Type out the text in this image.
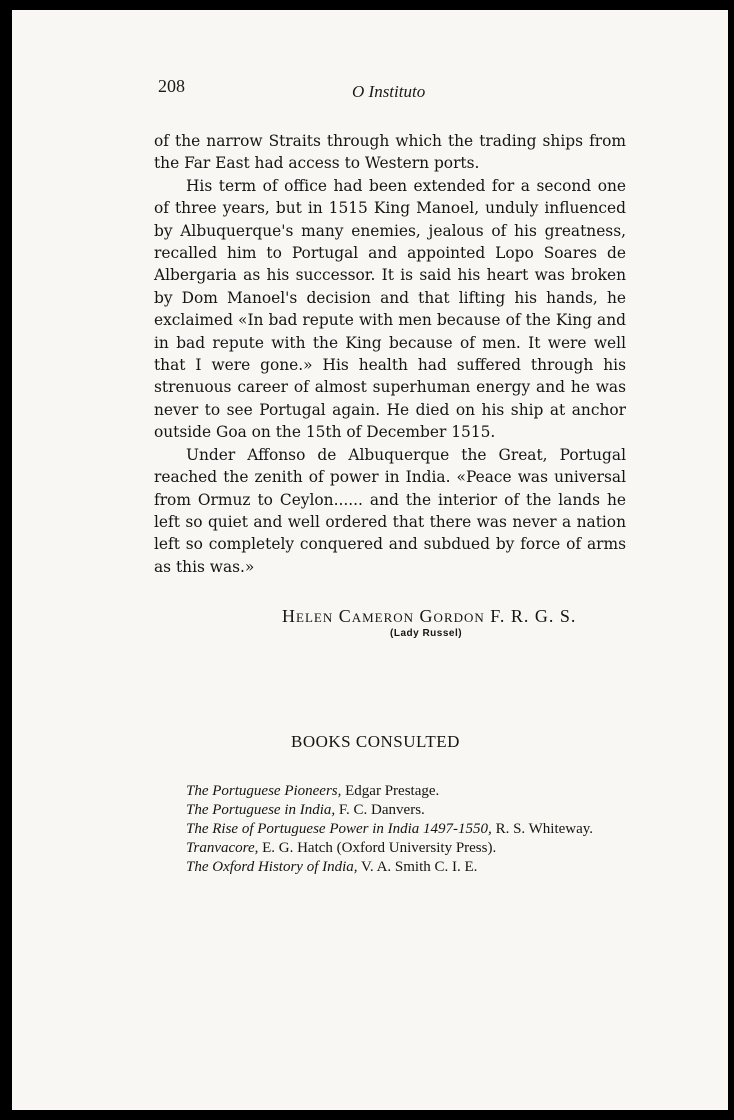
208	O Instituto

of the narrow Straits through which the trading ships from the Far East had access to Western ports.

His term of office had been extended for a second one of three years, but in 1515 King Manoel, unduly influenced by Albuquerque's many enemies, jealous of his greatness, recalled him to Portugal and appointed Lopo Soares de Albergaria as his successor. It is said his heart was broken by Dom Manoel's decision and that lifting his hands, he exclaimed «In bad repute with men because of the King and in bad repute with the King because of men. It were well that I were gone.» His health had suffered through his strenuous career of almost superhuman energy and he was never to see Portugal again. He died on his ship at anchor outside Goa on the 15th of December 1515.

Under Affonso de Albuquerque the Great, Portugal reached the zenith of power in India. «Peace was universal from Ormuz to Ceylon...... and the interior of the lands he left so quiet and well ordered that there was never a nation left so completely conquered and subdued by force of arms as this was.»

Helen Cameron Gordon F. R. G. S.
(Lady Russel)
BOOKS CONSULTED

The Portuguese Pioneers, Edgar Prestage.

The Portuguese in India, F. C. Danvers.

The Rise of Portuguese Power in India 1497-1550, R. S. Whiteway.

Tranvacore, E. G. Hatch (Oxford University Press).

The Oxford History of India, V. A. Smith C. I. E.
